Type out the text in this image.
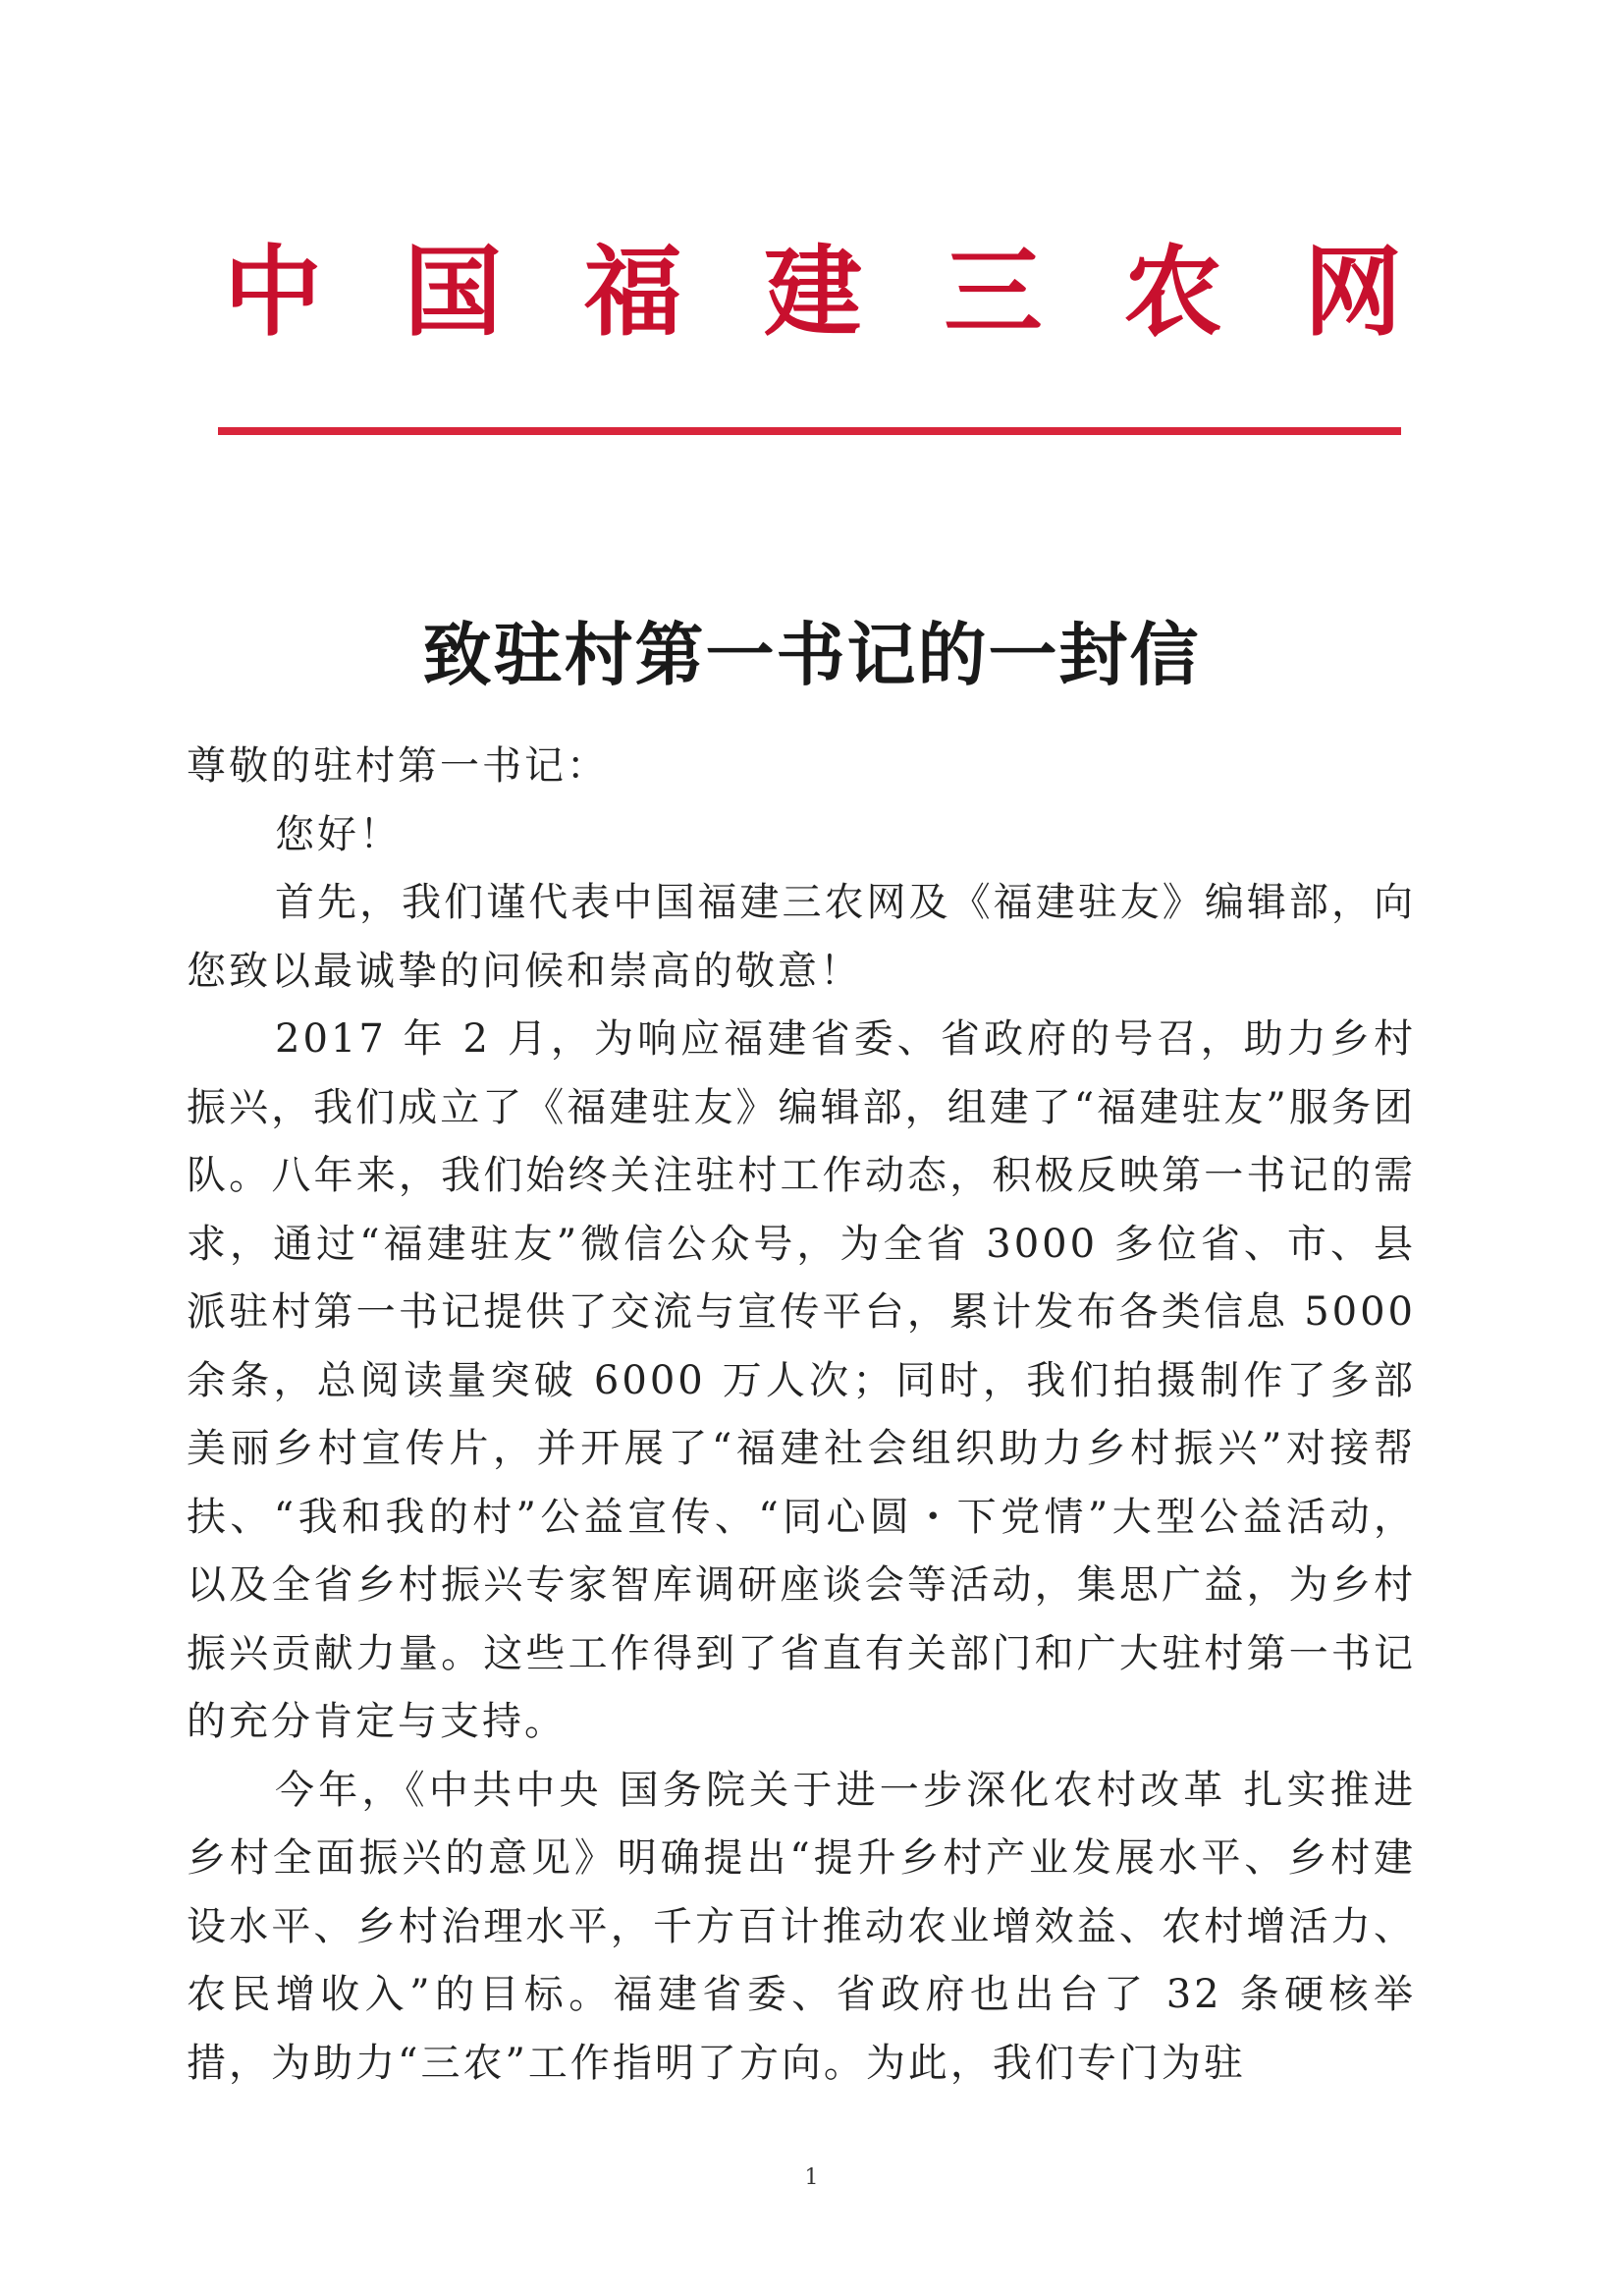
中 国 福 建 三 农 网
致驻村第一书记的一封信

尊敬的驻村第一书记：

您好！

首先，我们谨代表中国福建三农网及《福建驻友》编辑部，向您致以最诚挚的问候和崇高的敬意！

2017 年 2 月，为响应福建省委、省政府的号召，助力乡村振兴，我们成立了《福建驻友》编辑部，组建了“福建驻友”服务团队。八年来，我们始终关注驻村工作动态，积极反映第一书记的需求，通过“福建驻友”微信公众号，为全省 3000 多位省、市、县派驻村第一书记提供了交流与宣传平台，累计发布各类信息 5000 余条，总阅读量突破 6000 万人次；同时，我们拍摄制作了多部美丽乡村宣传片，并开展了“福建社会组织助力乡村振兴”对接帮扶、“我和我的村”公益宣传、“同心圆・下党情”大型公益活动，以及全省乡村振兴专家智库调研座谈会等活动，集思广益，为乡村振兴贡献力量。这些工作得到了省直有关部门和广大驻村第一书记的充分肯定与支持。

今年，《中共中央 国务院关于进一步深化农村改革 扎实推进乡村全面振兴的意见》明确提出“提升乡村产业发展水平、乡村建设水平、乡村治理水平，千方百计推动农业增效益、农村增活力、农民增收入”的目标。福建省委、省政府也出台了 32 条硬核举措，为助力“三农”工作指明了方向。为此，我们专门为驻

1
